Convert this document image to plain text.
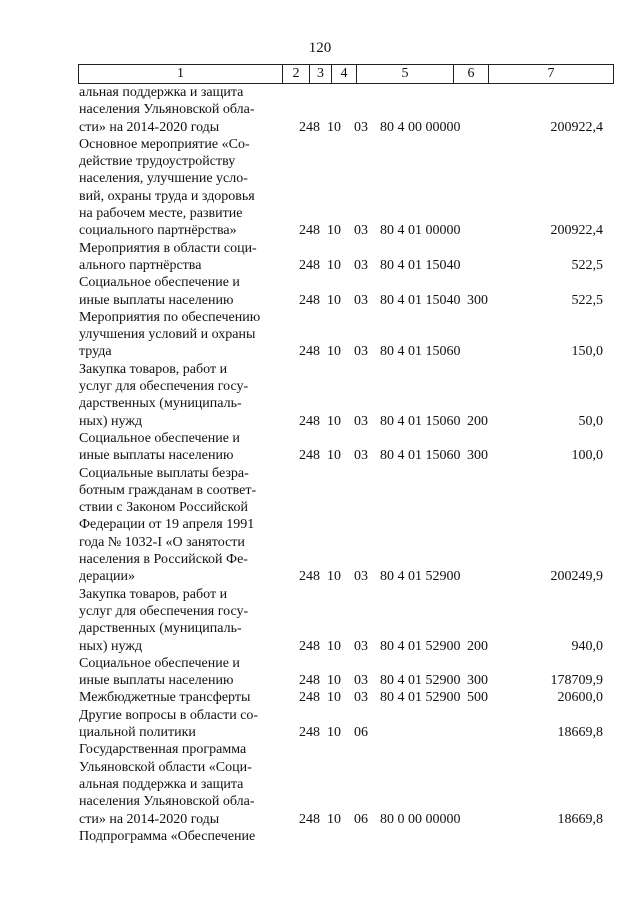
120
1	2	3	4	5	6	7
альная поддержка и защита
населения Ульяновской обла-
сти» на 2014-2020 годы	248 10 03 80 4 00 00000	200922,4
Основное мероприятие «Со-
действие трудоустройству
населения, улучшение усло-
вий, охраны труда и здоровья
на рабочем месте, развитие
социального партнёрства»	248 10 03 80 4 01 00000	200922,4
Мероприятия в области соци-
ального партнёрства	248 10 03 80 4 01 15040	522,5
Социальное обеспечение и
иные выплаты населению	248 10 03 80 4 01 15040 300	522,5
Мероприятия по обеспечению
улучшения условий и охраны
труда	248 10 03 80 4 01 15060	150,0
Закупка товаров, работ и
услуг для обеспечения госу-
дарственных (муниципаль-
ных) нужд	248 10 03 80 4 01 15060 200	50,0
Социальное обеспечение и
иные выплаты населению	248 10 03 80 4 01 15060 300	100,0
Социальные выплаты безра-
ботным гражданам в соответ-
ствии с Законом Российской
Федерации от 19 апреля 1991
года № 1032-I «О занятости
населения в Российской Фе-
дерации»	248 10 03 80 4 01 52900	200249,9
Закупка товаров, работ и
услуг для обеспечения госу-
дарственных (муниципаль-
ных) нужд	248 10 03 80 4 01 52900 200	940,0
Социальное обеспечение и
иные выплаты населению	248 10 03 80 4 01 52900 300	178709,9
Межбюджетные трансферты	248 10 03 80 4 01 52900 500	20600,0
Другие вопросы в области со-
циальной политики	248 10 06	18669,8
Государственная программа
Ульяновской области «Соци-
альная поддержка и защита
населения Ульяновской обла-
сти» на 2014-2020 годы	248 10 06 80 0 00 00000	18669,8
Подпрограмма «Обеспечение
